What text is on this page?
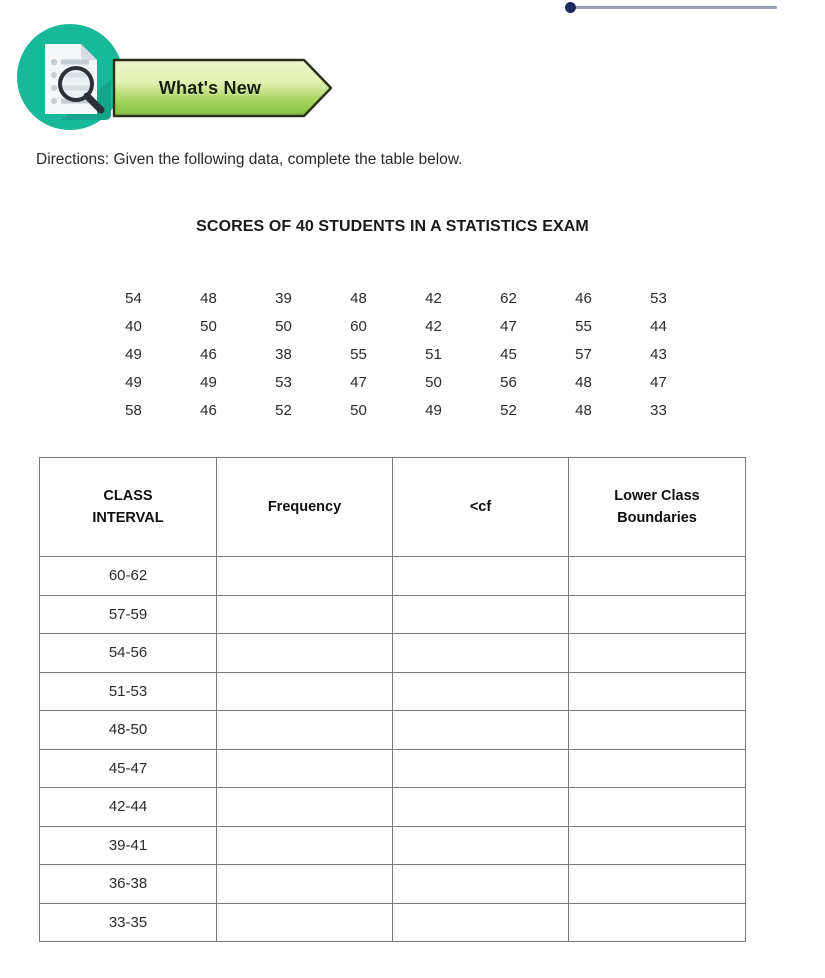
What's New
Directions: Given the following data, complete the table below.
SCORES OF 40 STUDENTS IN A STATISTICS EXAM
54	48	39	48	42	62	46	53
40	50	50	60	42	47	55	44
49	46	38	55	51	45	57	43
49	49	53	47	50	56	48	47
58	46	52	50	49	52	48	33
CLASS
INTERVAL	Frequency	<cf	Lower Class
Boundaries

60-62			
57-59			
54-56			
51-53			
48-50			
45-47			
42-44			
39-41			
36-38			
33-35			
